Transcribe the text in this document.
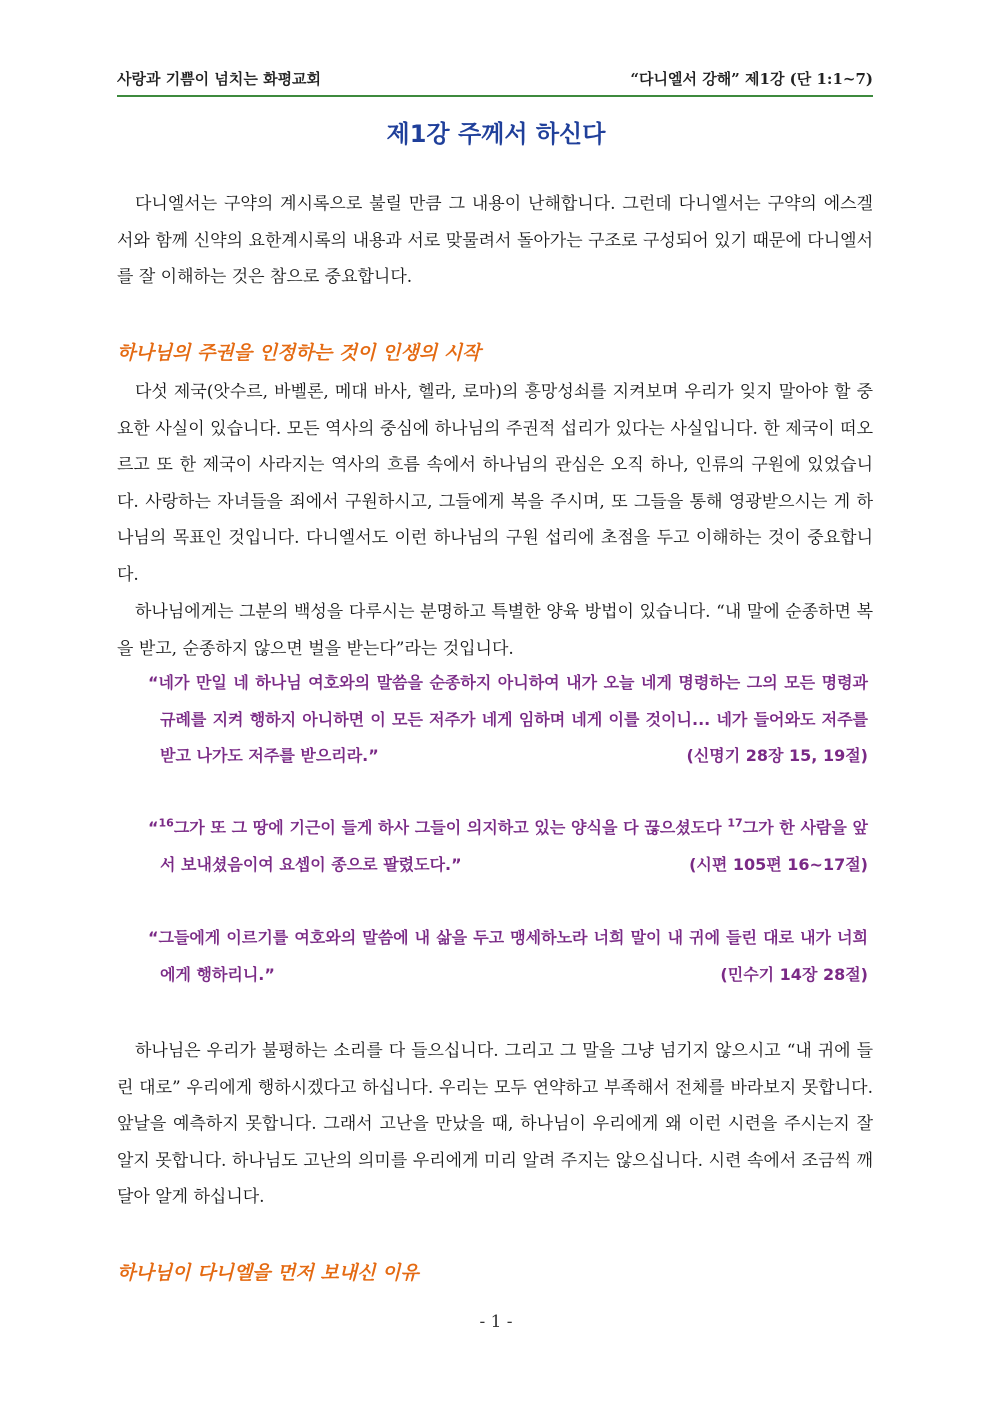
사랑과 기쁨이 넘치는 화평교회	“다니엘서 강해” 제1강 (단 1:1~7)
제1강 주께서 하신다

다니엘서는 구약의 계시록으로 불릴 만큼 그 내용이 난해합니다. 그런데 다니엘서는 구약의 에스겔서와 함께 신약의 요한계시록의 내용과 서로 맞물려서 돌아가는 구조로 구성되어 있기 때문에 다니엘서를 잘 이해하는 것은 참으로 중요합니다.

하나님의 주권을 인정하는 것이 인생의 시작

다섯 제국(앗수르, 바벨론, 메대 바사, 헬라, 로마)의 흥망성쇠를 지켜보며 우리가 잊지 말아야 할 중요한 사실이 있습니다. 모든 역사의 중심에 하나님의 주권적 섭리가 있다는 사실입니다. 한 제국이 떠오르고 또 한 제국이 사라지는 역사의 흐름 속에서 하나님의 관심은 오직 하나, 인류의 구원에 있었습니다. 사랑하는 자녀들을 죄에서 구원하시고, 그들에게 복을 주시며, 또 그들을 통해 영광받으시는 게 하나님의 목표인 것입니다. 다니엘서도 이런 하나님의 구원 섭리에 초점을 두고 이해하는 것이 중요합니다.

하나님에게는 그분의 백성을 다루시는 분명하고 특별한 양육 방법이 있습니다. “내 말에 순종하면 복을 받고, 순종하지 않으면 벌을 받는다”라는 것입니다.

“네가 만일 네 하나님 여호와의 말씀을 순종하지 아니하여 내가 오늘 네게 명령하는 그의 모든 명령과 규례를 지켜 행하지 아니하면 이 모든 저주가 네게 임하며 네게 이를 것이니... 네가 들어와도 저주를 받고 나가도 저주를 받으리라.”	(신명기 28장 15, 19절)

“$^{16}$그가 또 그 땅에 기근이 들게 하사 그들이 의지하고 있는 양식을 다 끊으셨도다 $^{17}$그가 한 사람을 앞서 보내셨음이여 요셉이 종으로 팔렸도다.”	(시편 105편 16~17절)

“그들에게 이르기를 여호와의 말씀에 내 삶을 두고 맹세하노라 너희 말이 내 귀에 들린 대로 내가 너희에게 행하리니.”	(민수기 14장 28절)

하나님은 우리가 불평하는 소리를 다 들으십니다. 그리고 그 말을 그냥 넘기지 않으시고 “내 귀에 들린 대로” 우리에게 행하시겠다고 하십니다. 우리는 모두 연약하고 부족해서 전체를 바라보지 못합니다. 앞날을 예측하지 못합니다. 그래서 고난을 만났을 때, 하나님이 우리에게 왜 이런 시련을 주시는지 잘 알지 못합니다. 하나님도 고난의 의미를 우리에게 미리 알려 주지는 않으십니다. 시련 속에서 조금씩 깨달아 알게 하십니다.

하나님이 다니엘을 먼저 보내신 이유
- 1 -
